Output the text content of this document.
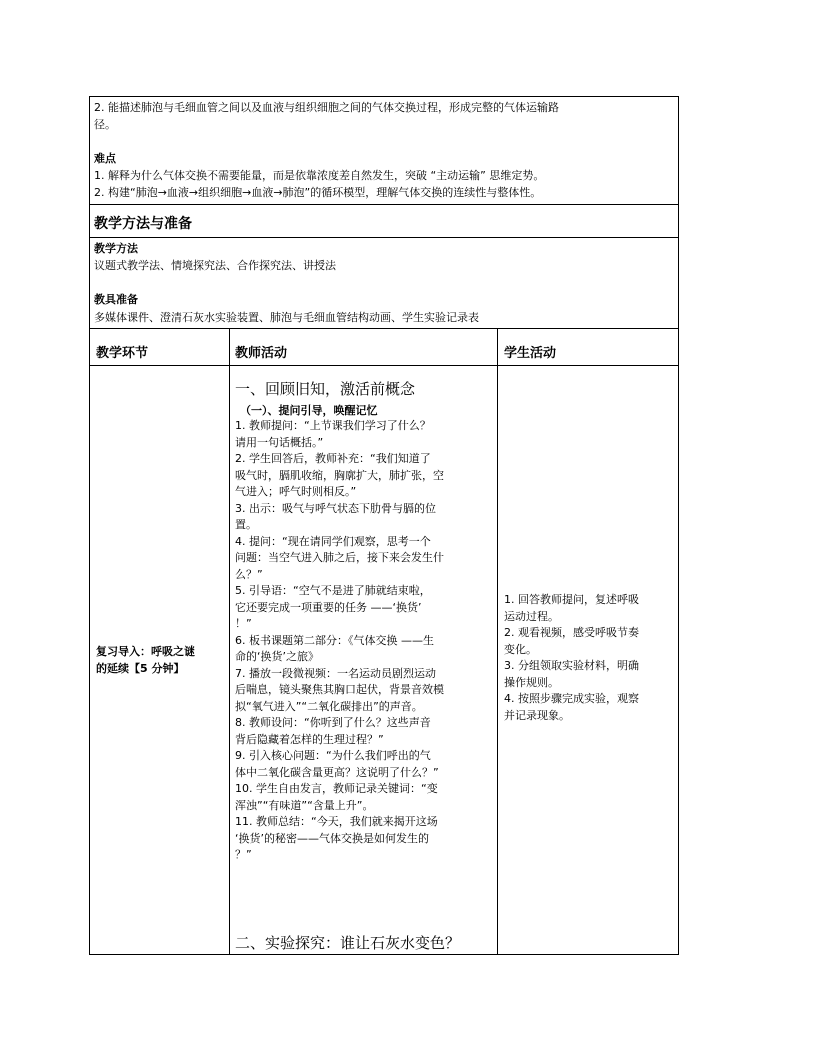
2. 能描述肺泡与毛细血管之间以及血液与组织细胞之间的气体交换过程，形成完整的气体运输路
径。
难点
1. 解释为什么气体交换不需要能量，而是依靠浓度差自然发生，突破 “主动运输” 思维定势。
2. 构建“肺泡→血液→组织细胞→血液→肺泡”的循环模型，理解气体交换的连续性与整体性。
教学方法与准备
教学方法
议题式教学法、情境探究法、合作探究法、讲授法
教具准备
多媒体课件、澄清石灰水实验装置、肺泡与毛细血管结构动画、学生实验记录表
教学环节	教师活动	学生活动
复习导入：呼吸之谜
的延续【5 分钟】
一、回顾旧知，激活前概念
（一）、提问引导，唤醒记忆
1. 教师提问：“上节课我们学习了什么？
请用一句话概括。”
2. 学生回答后，教师补充：“我们知道了
吸气时，膈肌收缩，胸廓扩大，肺扩张，空
气进入；呼气时则相反。”
3. 出示：吸气与呼气状态下肋骨与膈的位
置。
4. 提问：“现在请同学们观察，思考一个
问题：当空气进入肺之后，接下来会发生什
么？”
5. 引导语：“空气不是进了肺就结束啦，
它还要完成一项重要的任务 ——‘换货’
！”
6. 板书课题第二部分：《气体交换 ——生
命的‘换货’之旅》
7. 播放一段微视频：一名运动员剧烈运动
后喘息，镜头聚焦其胸口起伏，背景音效模
拟“氧气进入”“二氧化碳排出”的声音。
8. 教师设问：“你听到了什么？这些声音
背后隐藏着怎样的生理过程？”
9. 引入核心问题：“为什么我们呼出的气
体中二氧化碳含量更高？这说明了什么？”
10. 学生自由发言，教师记录关键词：“变
浑浊”“有味道”“含量上升”。
11. 教师总结：“今天，我们就来揭开这场
‘换货’的秘密——气体交换是如何发生的
？”
二、实验探究：谁让石灰水变色？
1. 回答教师提问，复述呼吸
运动过程。
2. 观看视频，感受呼吸节奏
变化。
3. 分组领取实验材料，明确
操作规则。
4. 按照步骤完成实验，观察
并记录现象。
